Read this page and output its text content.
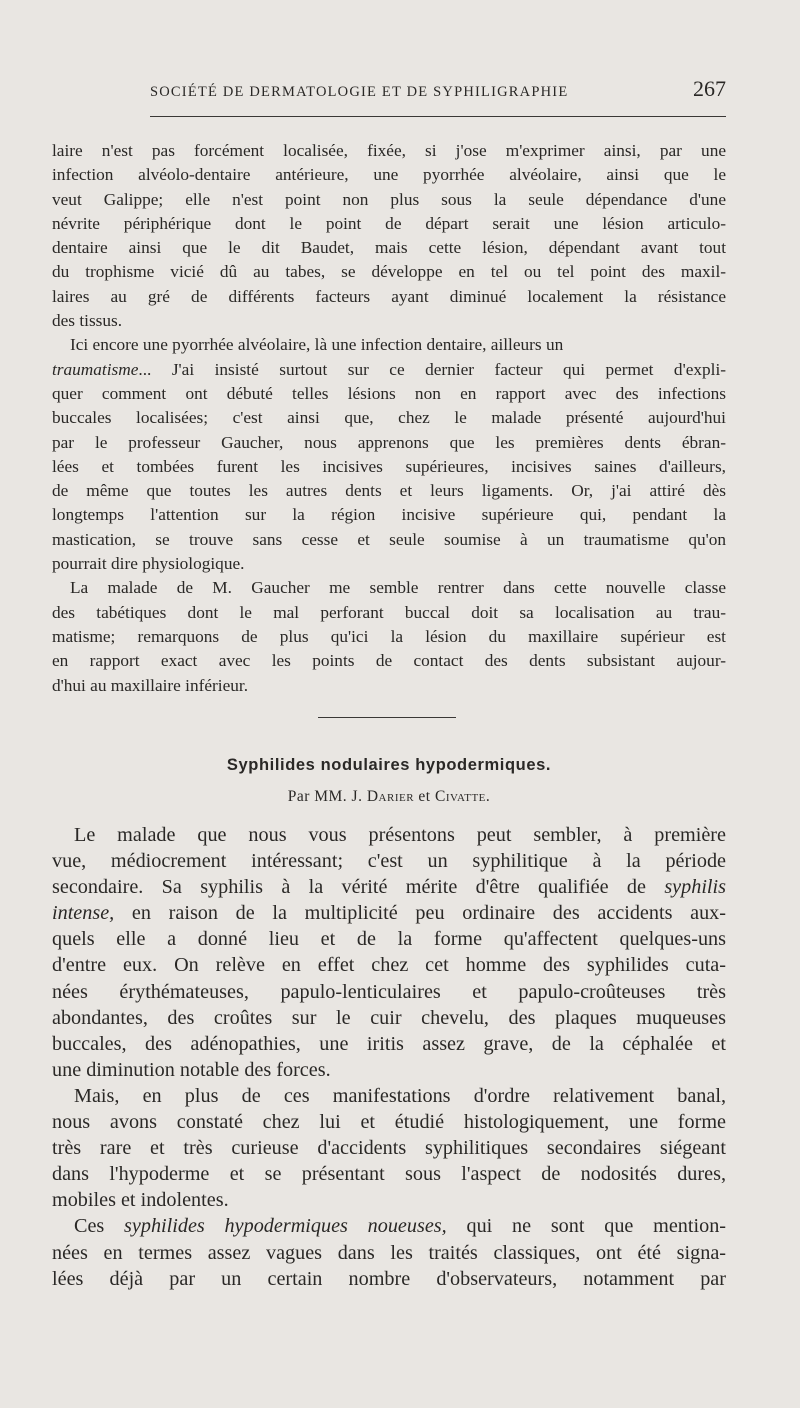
SOCIÉTÉ DE DERMATOLOGIE ET DE SYPHILIGRAPHIE	267

laire n'est pas forcément localisée, fixée, si j'ose m'exprimer ainsi, par une

infection alvéolo-dentaire antérieure, une pyorrhée alvéolaire, ainsi que le

veut Galippe; elle n'est point non plus sous la seule dépendance d'une

névrite périphérique dont le point de départ serait une lésion articulo-

dentaire ainsi que le dit Baudet, mais cette lésion, dépendant avant tout

du trophisme vicié dû au tabes, se développe en tel ou tel point des maxil-

laires au gré de différents facteurs ayant diminué localement la résistance

des tissus.

Ici encore une pyorrhée alvéolaire, là une infection dentaire, ailleurs un

traumatisme... J'ai insisté surtout sur ce dernier facteur qui permet d'expli-

quer comment ont débuté telles lésions non en rapport avec des infections

buccales localisées; c'est ainsi que, chez le malade présenté aujourd'hui

par le professeur Gaucher, nous apprenons que les premières dents ébran-

lées et tombées furent les incisives supérieures, incisives saines d'ailleurs,

de même que toutes les autres dents et leurs ligaments. Or, j'ai attiré dès

longtemps l'attention sur la région incisive supérieure qui, pendant la

mastication, se trouve sans cesse et seule soumise à un traumatisme qu'on

pourrait dire physiologique.

La malade de M. Gaucher me semble rentrer dans cette nouvelle classe

des tabétiques dont le mal perforant buccal doit sa localisation au trau-

matisme; remarquons de plus qu'ici la lésion du maxillaire supérieur est

en rapport exact avec les points de contact des dents subsistant aujour-

d'hui au maxillaire inférieur.

Syphilides nodulaires hypodermiques.
Par MM. J. Darier et Civatte.

Le malade que nous vous présentons peut sembler, à première

vue, médiocrement intéressant; c'est un syphilitique à la période

secondaire. Sa syphilis à la vérité mérite d'être qualifiée de syphilis

intense, en raison de la multiplicité peu ordinaire des accidents aux-

quels elle a donné lieu et de la forme qu'affectent quelques-uns

d'entre eux. On relève en effet chez cet homme des syphilides cuta-

nées érythémateuses, papulo-lenticulaires et papulo-croûteuses très

abondantes, des croûtes sur le cuir chevelu, des plaques muqueuses

buccales, des adénopathies, une iritis assez grave, de la céphalée et

une diminution notable des forces.

Mais, en plus de ces manifestations d'ordre relativement banal,

nous avons constaté chez lui et étudié histologiquement, une forme

très rare et très curieuse d'accidents syphilitiques secondaires siégeant

dans l'hypoderme et se présentant sous l'aspect de nodosités dures,

mobiles et indolentes.

Ces syphilides hypodermiques noueuses, qui ne sont que mention-

nées en termes assez vagues dans les traités classiques, ont été signa-

lées déjà par un certain nombre d'observateurs, notamment par
